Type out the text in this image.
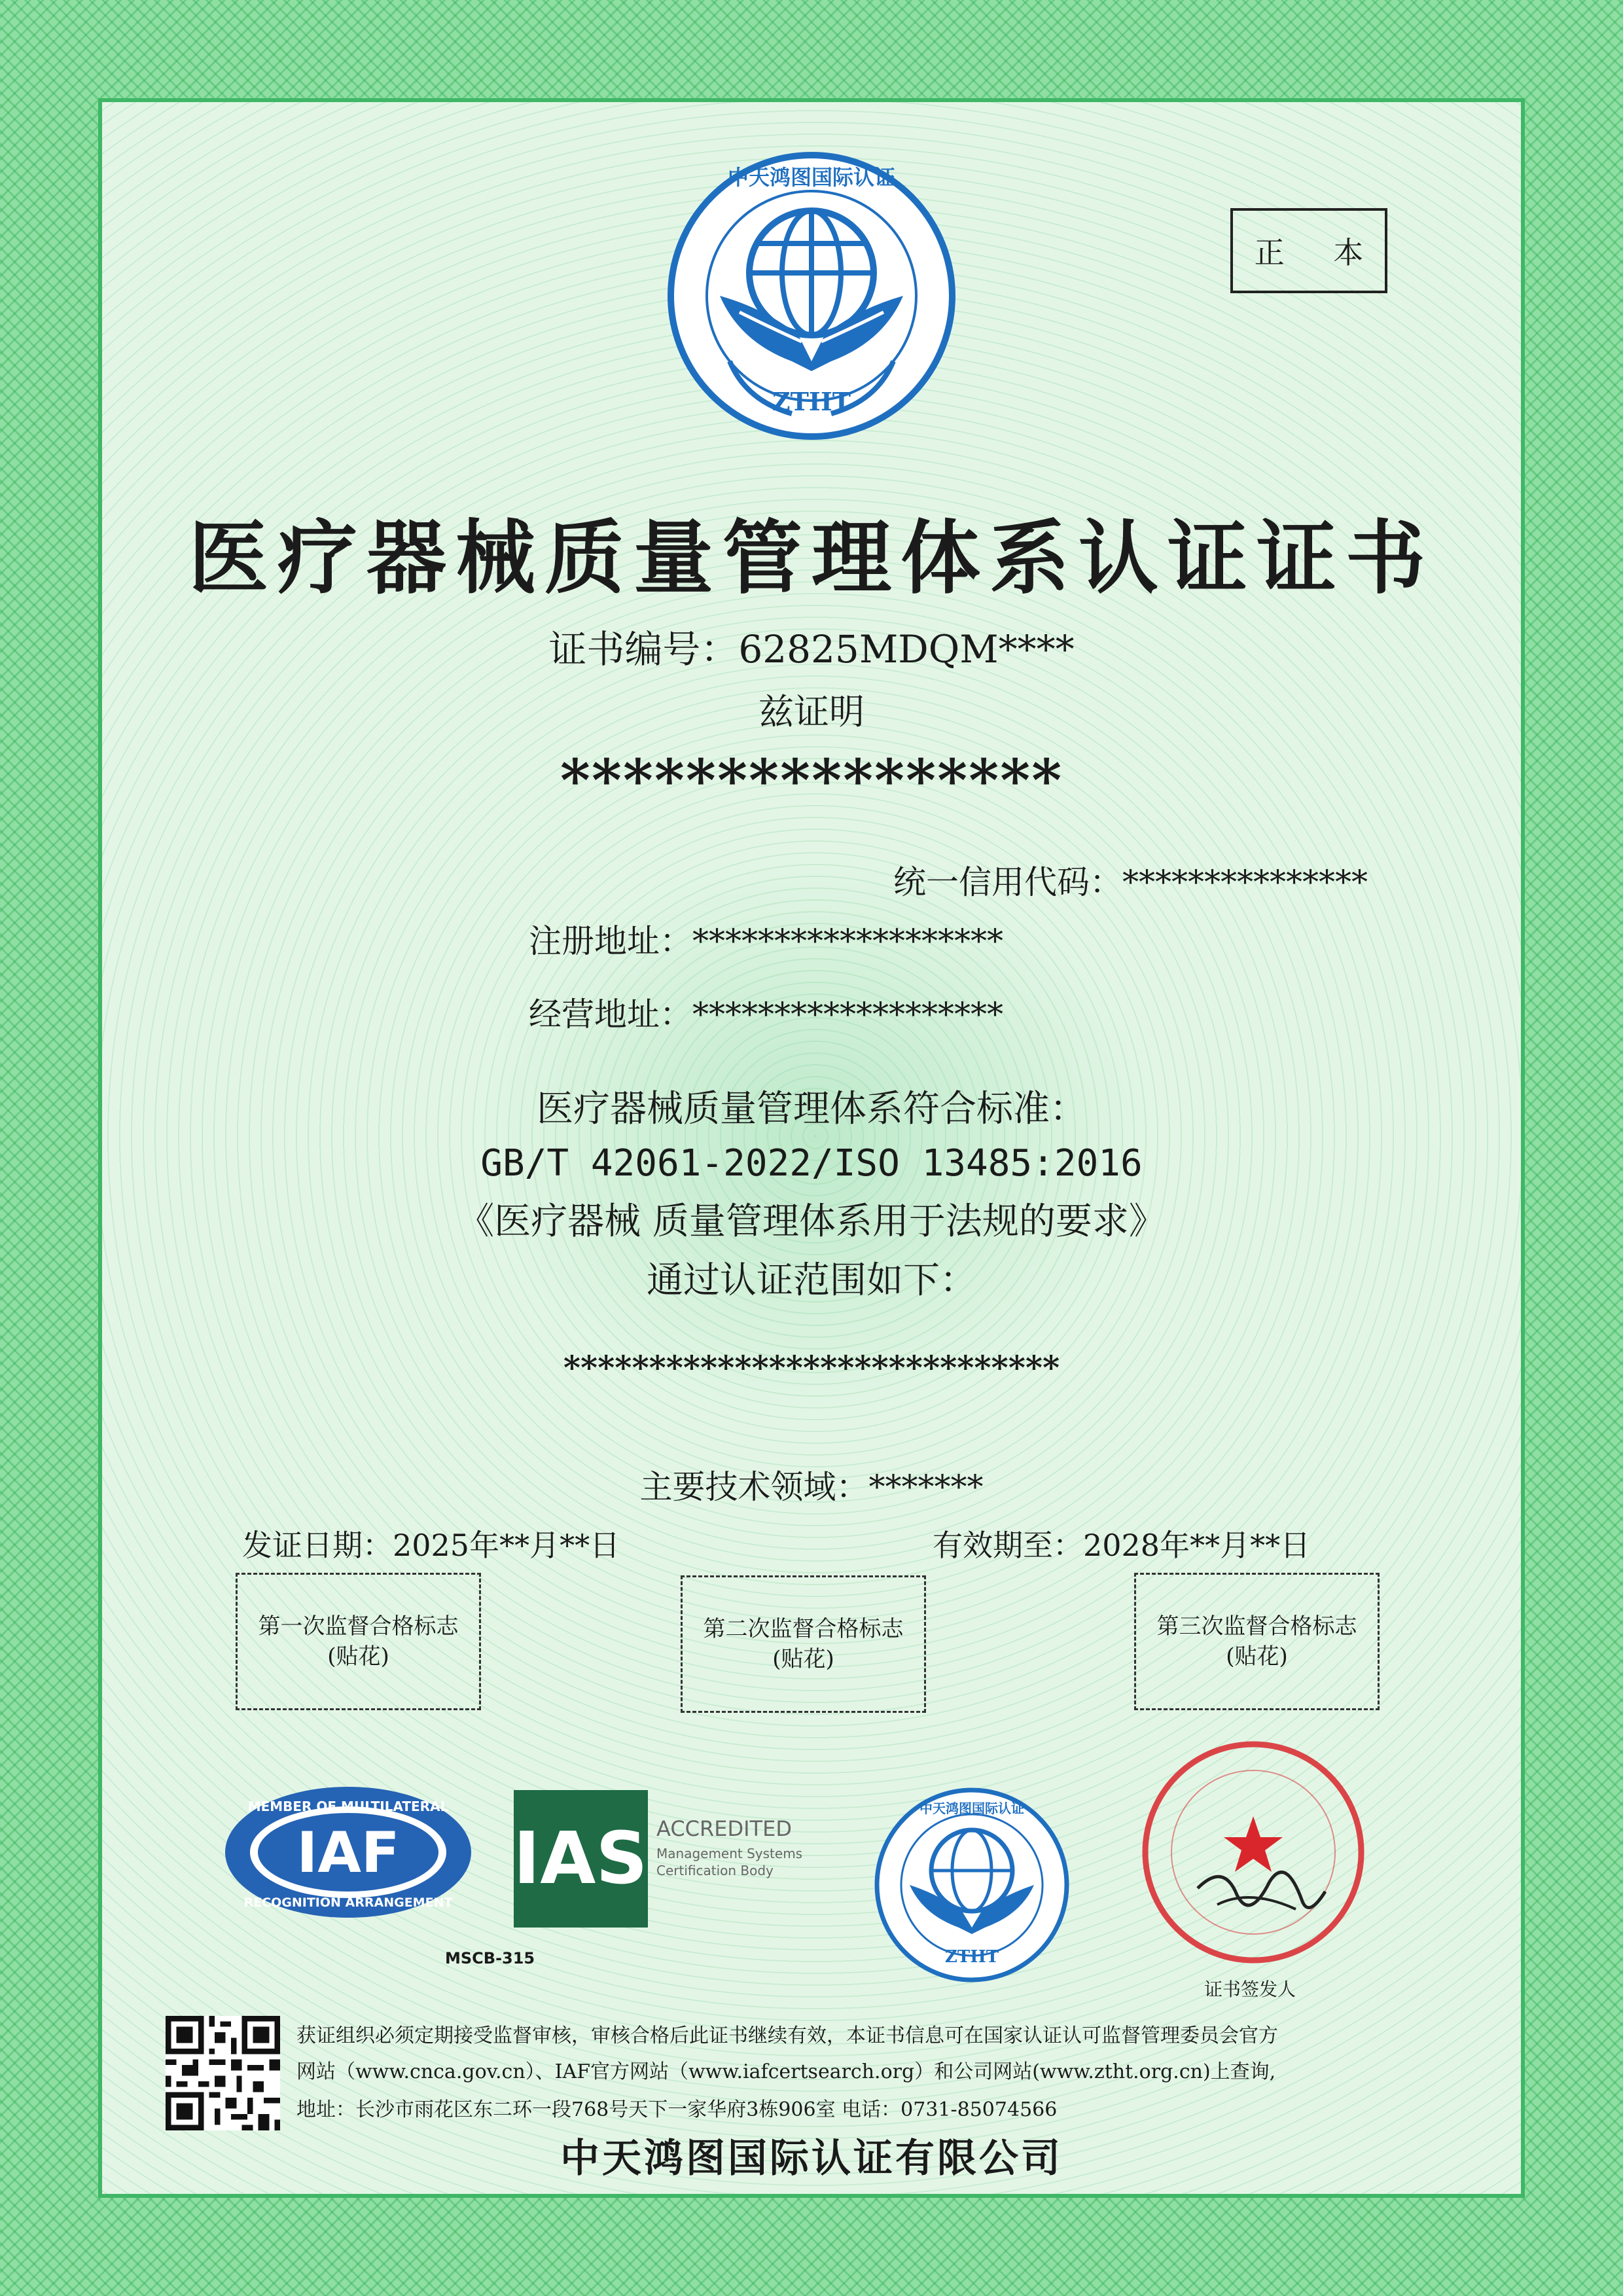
ZTHT
中天鸿图国际认证
正 本
医疗器械质量管理体系认证证书
证书编号：62825MDQM****
兹证明
****************
统一信用代码：***************
注册地址：*******************
经营地址：*******************
医疗器械质量管理体系符合标准：
GB/T 42061-2022/ISO 13485:2016
《医疗器械 质量管理体系用于法规的要求》
通过认证范围如下：
*****************************
主要技术领域：*******
发证日期：2025年**月**日	有效期至：2028年**月**日
第一次监督合格标志
(贴花)
第二次监督合格标志
(贴花)
第三次监督合格标志
(贴花)
MEMBER OF MULTILATERAL
IAF
RECOGNITION ARRANGEMENT
MSCB-315
IAS ACCREDITED
Management Systems
Certification Body
ZTHT
中天鸿图国际认证
证书签发人
获证组织必须定期接受监督审核，审核合格后此证书继续有效，本证书信息可在国家认证认可监督管理委员会官方
网站（www.cnca.gov.cn）、IAF官方网站（www.iafcertsearch.org）和公司网站(www.ztht.org.cn)上查询,
地址：长沙市雨花区东二环一段768号天下一家华府3栋906室 电话：0731-85074566
中天鸿图国际认证有限公司
